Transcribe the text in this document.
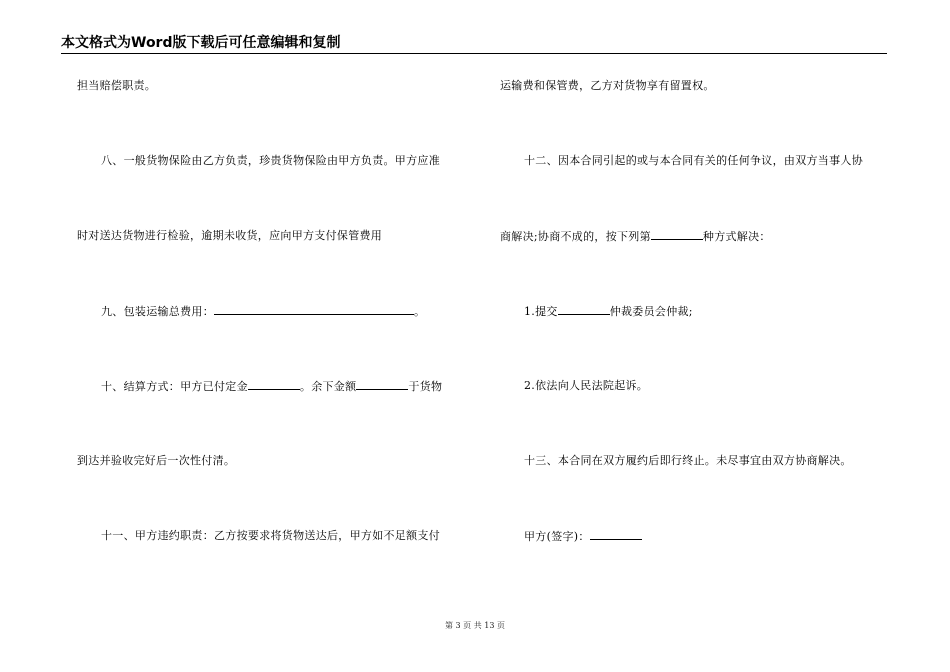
本文格式为Word版下载后可任意编辑和复制
担当赔偿职责。
八、一般货物保险由乙方负责，珍贵货物保险由甲方负责。甲方应准
时对送达货物进行检验，逾期未收货，应向甲方支付保管费用
九、包装运输总费用：	。
十、结算方式：甲方已付定金	。余下金额	于货物
到达并验收完好后一次性付清。
十一、甲方违约职责：乙方按要求将货物送达后，甲方如不足额支付
运输费和保管费，乙方对货物享有留置权。
十二、因本合同引起的或与本合同有关的任何争议，由双方当事人协
商解决;协商不成的，按下列第	种方式解决：
1.提交	仲裁委员会仲裁;
2.依法向人民法院起诉。
十三、本合同在双方履约后即行终止。未尽事宜由双方协商解决。
甲方(签字)：
第 3 页 共 13 页
